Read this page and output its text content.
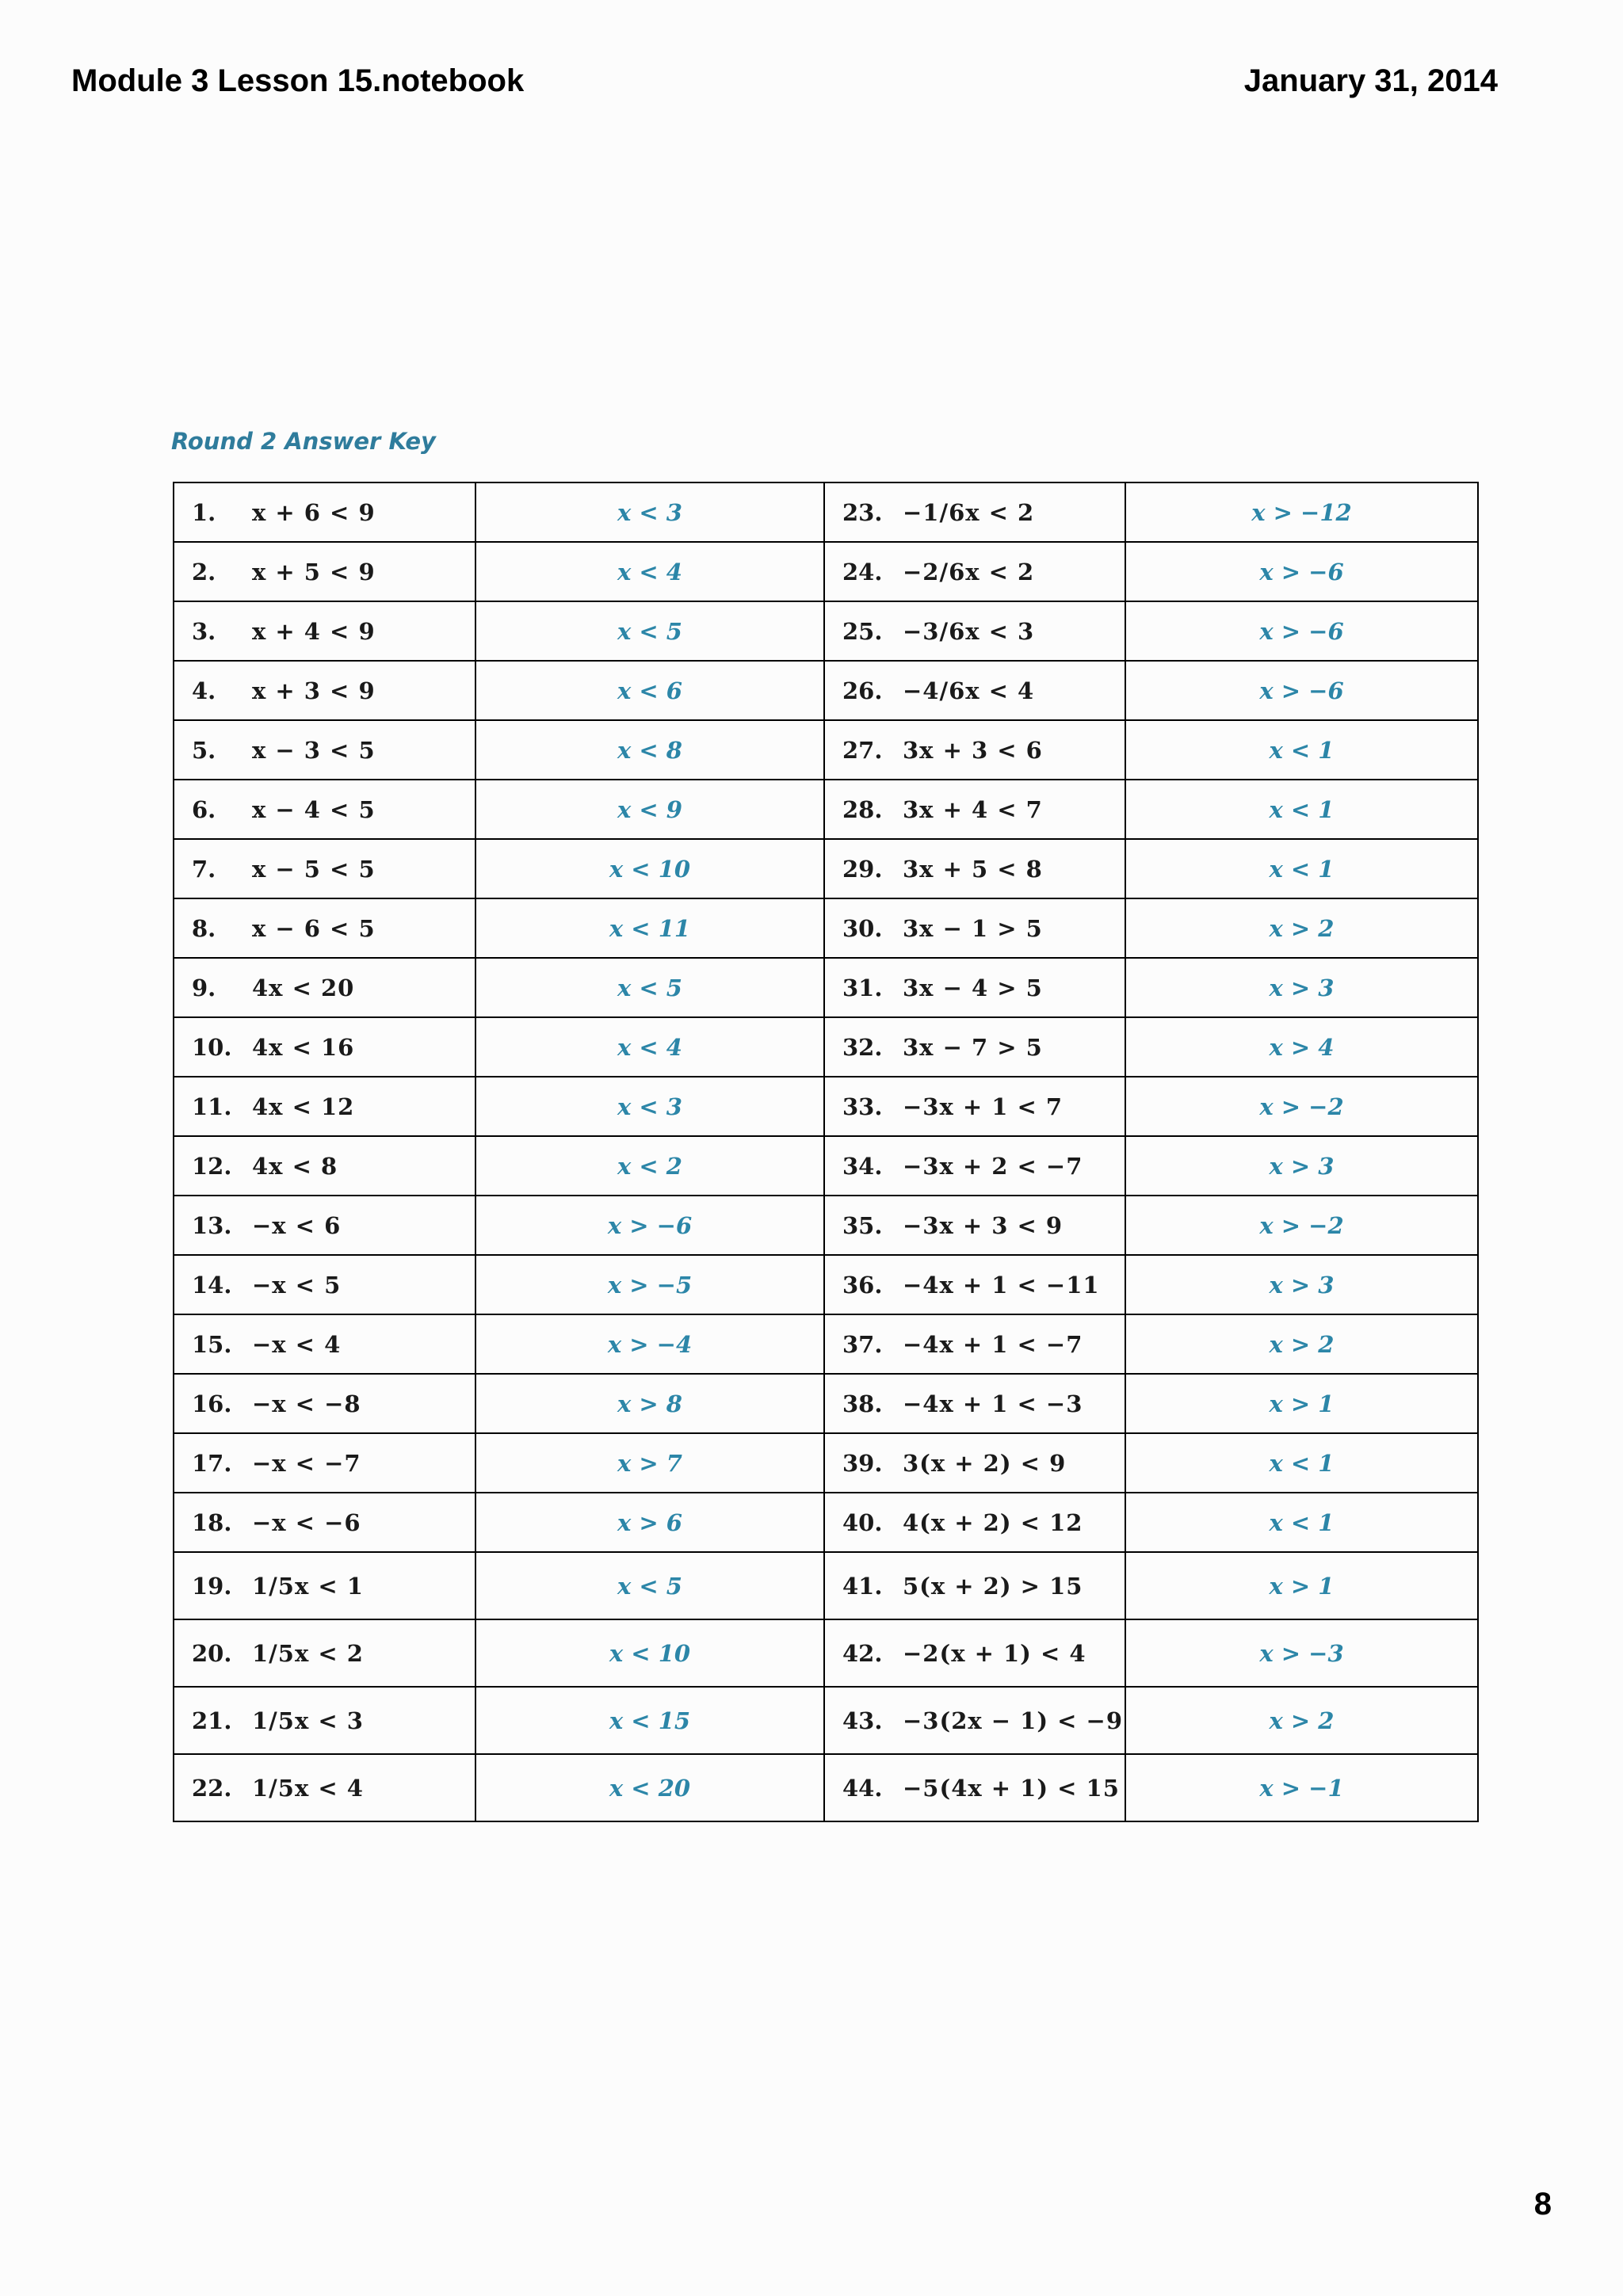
Module 3 Lesson 15.notebook	January 31, 2014
Round 2 Answer Key
1. x + 6 < 9	x < 3	23. −1/6x < 2	x > −12
2. x + 5 < 9	x < 4	24. −2/6x < 2	x > −6
3. x + 4 < 9	x < 5	25. −3/6x < 3	x > −6
4. x + 3 < 9	x < 6	26. −4/6x < 4	x > −6
5. x − 3 < 5	x < 8	27. 3x + 3 < 6	x < 1
6. x − 4 < 5	x < 9	28. 3x + 4 < 7	x < 1
7. x − 5 < 5	x < 10	29. 3x + 5 < 8	x < 1
8. x − 6 < 5	x < 11	30. 3x − 1 > 5	x > 2
9. 4x < 20	x < 5	31. 3x − 4 > 5	x > 3
10. 4x < 16	x < 4	32. 3x − 7 > 5	x > 4
11. 4x < 12	x < 3	33. −3x + 1 < 7	x > −2
12. 4x < 8	x < 2	34. −3x + 2 < −7	x > 3
13. −x < 6	x > −6	35. −3x + 3 < 9	x > −2
14. −x < 5	x > −5	36. −4x + 1 < −11	x > 3
15. −x < 4	x > −4	37. −4x + 1 < −7	x > 2
16. −x < −8	x > 8	38. −4x + 1 < −3	x > 1
17. −x < −7	x > 7	39. 3(x + 2) < 9	x < 1
18. −x < −6	x > 6	40. 4(x + 2) < 12	x < 1
19. 1/5x < 1	x < 5	41. 5(x + 2) > 15	x > 1
20. 1/5x < 2	x < 10	42. −2(x + 1) < 4	x > −3
21. 1/5x < 3	x < 15	43. −3(2x − 1) < −9	x > 2
22. 1/5x < 4	x < 20	44. −5(4x + 1) < 15	x > −1
8
